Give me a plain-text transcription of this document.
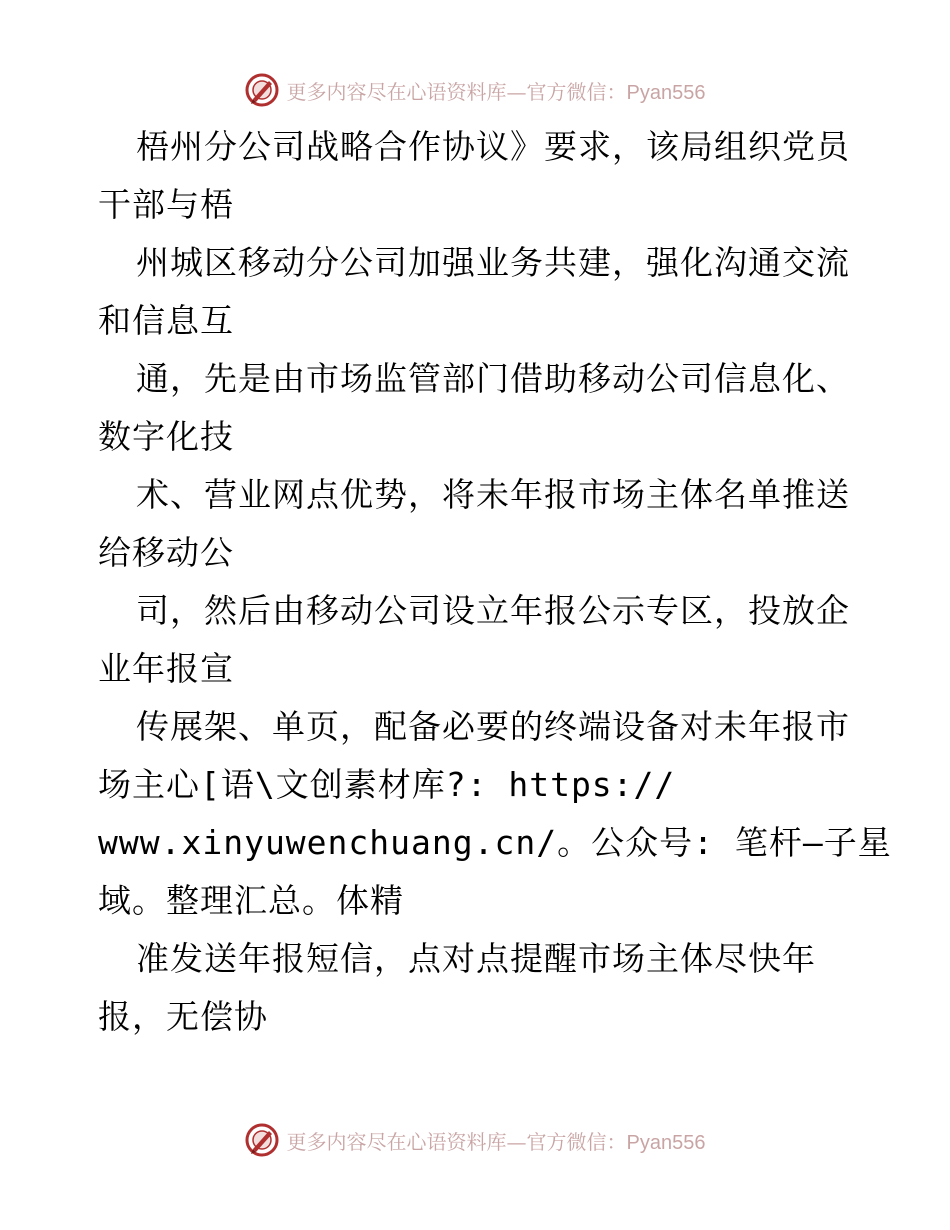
更多内容尽在心语资料库—官方微信：Pyan556
梧州分公司战略合作协议》要求，该局组织党员
干部与梧
州城区移动分公司加强业务共建，强化沟通交流
和信息互
通，先是由市场监管部门借助移动公司信息化、
数字化技
术、营业网点优势，将未年报市场主体名单推送
给移动公
司，然后由移动公司设立年报公示专区，投放企
业年报宣
传展架、单页，配备必要的终端设备对未年报市
场主心[语\文创素材库?: https://
www.xinyuwenchuang.cn/。公众号: 笔杆—子星
域。整理汇总。体精
准发送年报短信，点对点提醒市场主体尽快年
报，无偿协
更多内容尽在心语资料库—官方微信：Pyan556
